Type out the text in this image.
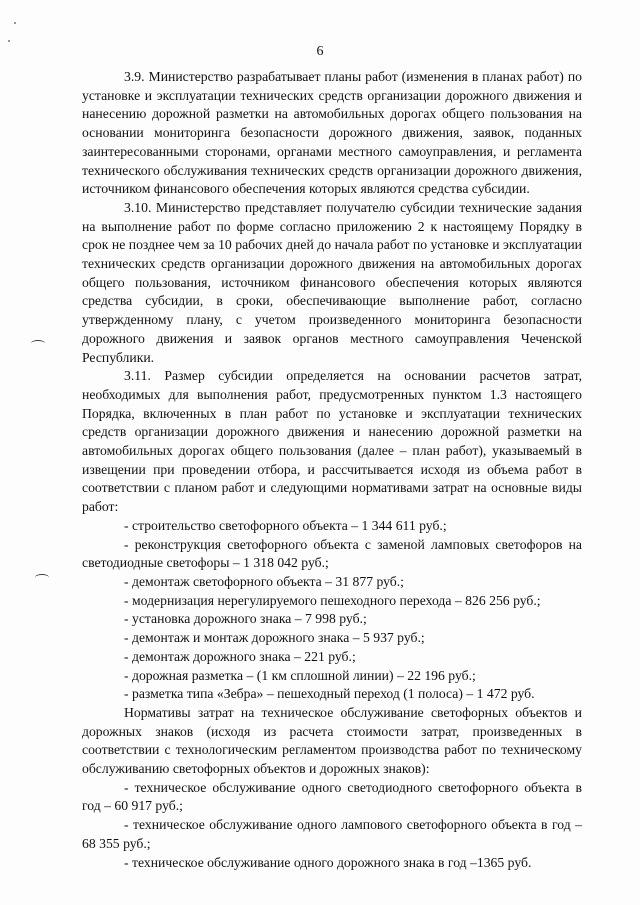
6

3.9. Министерство разрабатывает планы работ (изменения в планах работ) по установке и эксплуатации технических средств организации дорожного движения и нанесению дорожной разметки на автомобильных дорогах общего пользования на основании мониторинга безопасности дорожного движения, заявок, поданных заинтересованными сторонами, органами местного самоуправления, и регламента технического обслуживания технических средств организации дорожного движения, источником финансового обеспечения которых являются средства субсидии.

3.10. Министерство представляет получателю субсидии технические задания на выполнение работ по форме согласно приложению 2 к настоящему Порядку в срок не позднее чем за 10 рабочих дней до начала работ по установке и эксплуатации технических средств организации дорожного движения на автомобильных дорогах общего пользования, источником финансового обеспечения которых являются средства субсидии, в сроки, обеспечивающие выполнение работ, согласно утвержденному плану, с учетом произведенного мониторинга безопасности дорожного движения и заявок органов местного самоуправления Чеченской Республики.

3.11. Размер субсидии определяется на основании расчетов затрат, необходимых для выполнения работ, предусмотренных пунктом 1.3 настоящего Порядка, включенных в план работ по установке и эксплуатации технических средств организации дорожного движения и нанесению дорожной разметки на автомобильных дорогах общего пользования (далее – план работ), указываемый в извещении при проведении отбора, и рассчитывается исходя из объема работ в соответствии с планом работ и следующими нормативами затрат на основные виды работ:

- строительство светофорного объекта – 1 344 611 руб.;

- реконструкция светофорного объекта с заменой ламповых светофоров на светодиодные светофоры – 1 318 042 руб.;

- демонтаж светофорного объекта – 31 877 руб.;

- модернизация нерегулируемого пешеходного перехода – 826 256 руб.;

- установка дорожного знака – 7 998 руб.;

- демонтаж и монтаж дорожного знака – 5 937 руб.;

- демонтаж дорожного знака – 221 руб.;

- дорожная разметка – (1 км сплошной линии) – 22 196 руб.;

- разметка типа «Зебра» – пешеходный переход (1 полоса) – 1 472 руб.

Нормативы затрат на техническое обслуживание светофорных объектов и дорожных знаков (исходя из расчета стоимости затрат, произведенных в соответствии с технологическим регламентом производства работ по техническому обслуживанию светофорных объектов и дорожных знаков):

- техническое обслуживание одного светодиодного светофорного объекта в год – 60 917 руб.;

- техническое обслуживание одного лампового светофорного объекта в год – 68 355 руб.;

- техническое обслуживание одного дорожного знака в год –1365 руб.
